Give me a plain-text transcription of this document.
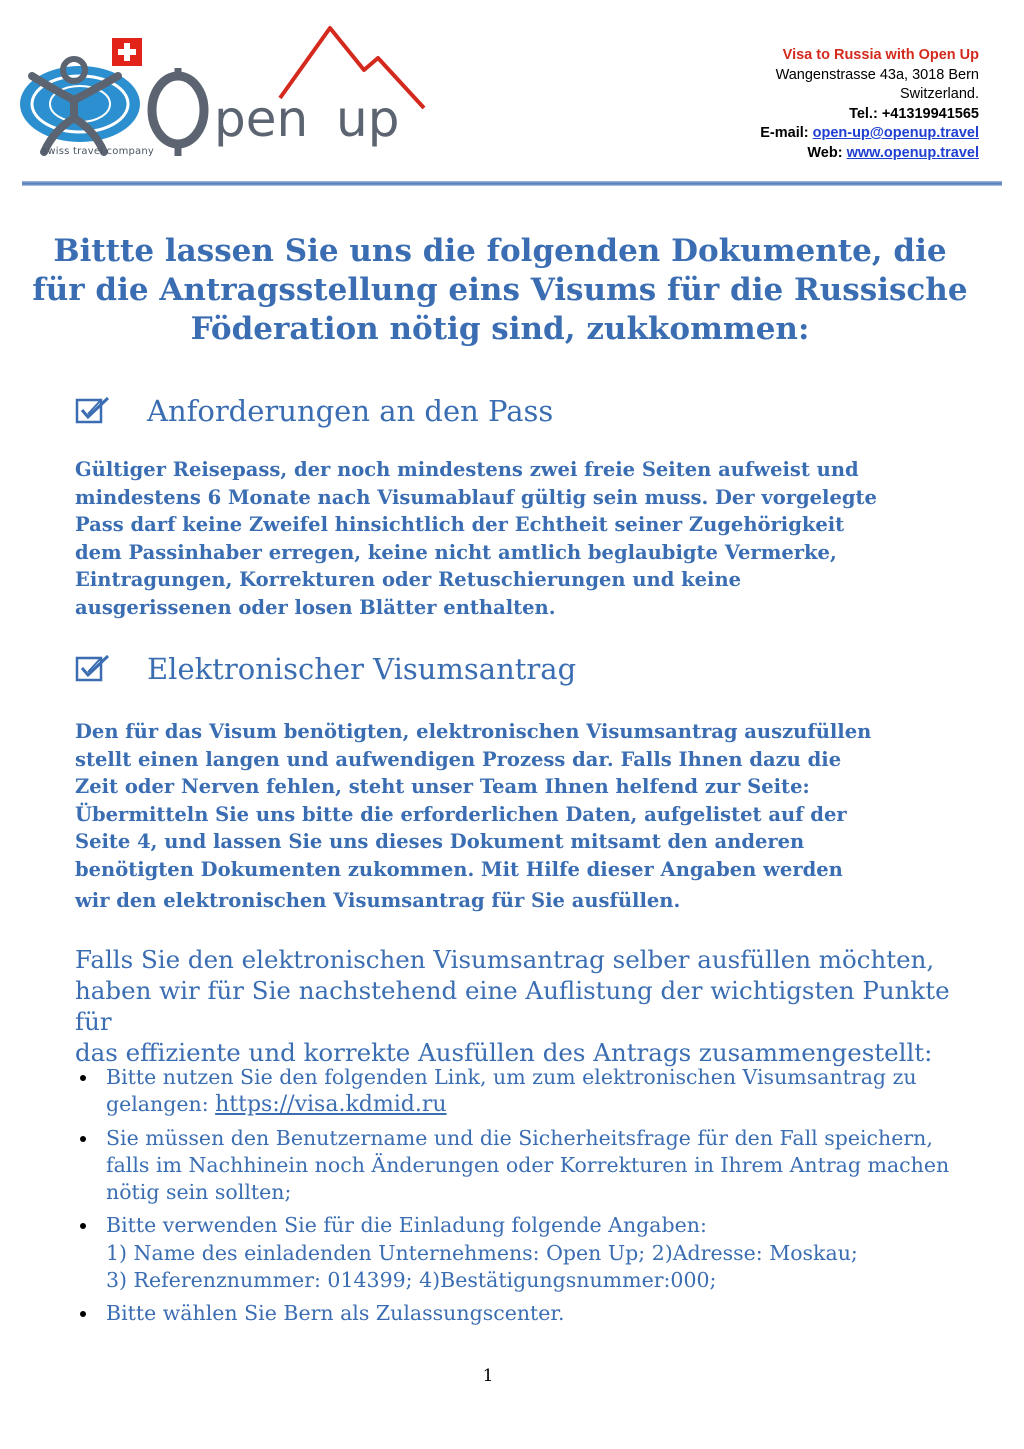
pen up
swiss travel company
Visa to Russia with Open Up
Wangenstrasse 43a, 3018 Bern
Switzerland.
Tel.: +41319941565
E-mail: open-up@openup.travel
Web: www.openup.travel
Bittte lassen Sie uns die folgenden Dokumente, die
für die Antragsstellung eins Visums für die Russische
Föderation nötig sind, zukkommen:
Anforderungen an den Pass
Gültiger Reisepass, der noch mindestens zwei freie Seiten aufweist und
mindestens 6 Monate nach Visumablauf gültig sein muss. Der vorgelegte
Pass darf keine Zweifel hinsichtlich der Echtheit seiner Zugehörigkeit
dem Passinhaber erregen, keine nicht amtlich beglaubigte Vermerke,
Eintragungen, Korrekturen oder Retuschierungen und keine
ausgerissenen oder losen Blätter enthalten.
Elektronischer Visumsantrag
Den für das Visum benötigten, elektronischen Visumsantrag auszufüllen
stellt einen langen und aufwendigen Prozess dar. Falls Ihnen dazu die
Zeit oder Nerven fehlen, steht unser Team Ihnen helfend zur Seite:
Übermitteln Sie uns bitte die erforderlichen Daten, aufgelistet auf der
Seite 4, und lassen Sie uns dieses Dokument mitsamt den anderen
benötigten Dokumenten zukommen. Mit Hilfe dieser Angaben werden
wir den elektronischen Visumsantrag für Sie ausfüllen.
Falls Sie den elektronischen Visumsantrag selber ausfüllen möchten,
haben wir für Sie nachstehend eine Auflistung der wichtigsten Punkte für
das effiziente und korrekte Ausfüllen des Antrags zusammengestellt:
Bitte nutzen Sie den folgenden Link, um zum elektronischen Visumsantrag zu
gelangen: https://visa.kdmid.ru
Sie müssen den Benutzername und die Sicherheitsfrage für den Fall speichern,
falls im Nachhinein noch Änderungen oder Korrekturen in Ihrem Antrag machen
nötig sein sollten;
Bitte verwenden Sie für die Einladung folgende Angaben:
1) Name des einladenden Unternehmens: Open Up; 2)Adresse: Moskau;
3) Referenznummer: 014399; 4)Bestätigungsnummer:000;
Bitte wählen Sie Bern als Zulassungscenter.
1
